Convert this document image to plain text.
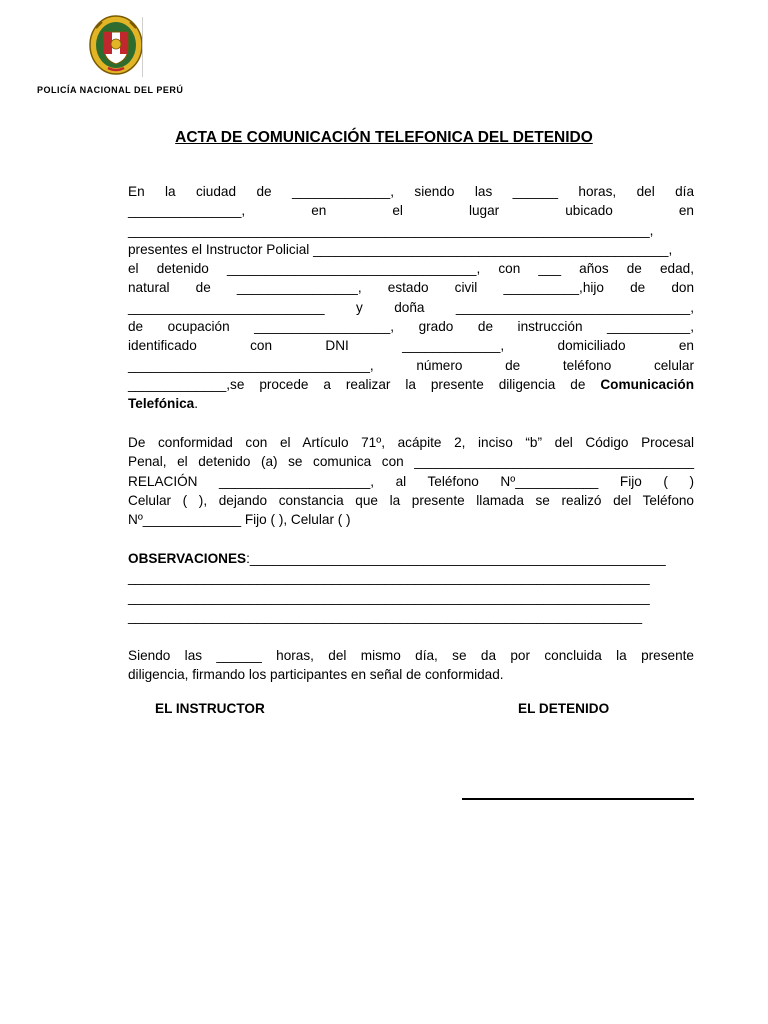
POLICÍA NACIONAL DEL PERÚ
ACTA DE COMUNICACIÓN TELEFONICA DEL DETENIDO
En la ciudad de _____________, siendo las ______ horas, del día
_______________, en el lugar ubicado en
_____________________________________________________________________,
presentes el Instructor Policial _______________________________________________,
el detenido _________________________________, con ___ años de edad,
natural de ________________, estado civil __________,hijo de don
__________________________ y doña _______________________________,
de ocupación __________________, grado de instrucción ___________,
identificado con DNI _____________, domiciliado en
________________________________, número de teléfono celular
_____________,se procede a realizar la presente diligencia de Comunicación
Telefónica.
De conformidad con el Artículo 71º, acápite 2, inciso “b” del Código Procesal
Penal, el detenido (a) se comunica con _____________________________________
RELACIÓN ____________________, al Teléfono Nº___________ Fijo ( )
Celular ( ), dejando constancia que la presente llamada se realizó del Teléfono
Nº_____________ Fijo ( ), Celular ( )
OBSERVACIONES:_______________________________________________________
_____________________________________________________________________
_____________________________________________________________________
____________________________________________________________________
Siendo las ______ horas, del mismo día, se da por concluida la presente
diligencia, firmando los participantes en señal de conformidad.
EL INSTRUCTOR	EL DETENIDO
